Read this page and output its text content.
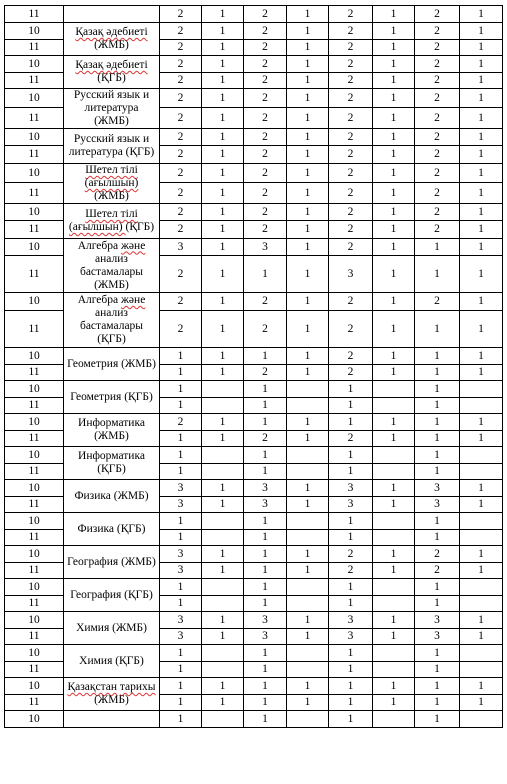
11		2	1	2	1	2	1	2	1
10	Қазақ әдебиеті (ЖМБ)	2	1	2	1	2	1	2	1
11		2	1	2	1	2	1	2	1
10	Қазақ әдебиеті (ҚГБ)	2	1	2	1	2	1	2	1
11		2	1	2	1	2	1	2	1
10	Русский язык и литература (ЖМБ)	2	1	2	1	2	1	2	1
11		2	1	2	1	2	1	2	1
10	Русский язык и литература (ҚГБ)	2	1	2	1	2	1	2	1
11		2	1	2	1	2	1	2	1
10	Шетел тілі (ағылшын) (ЖМБ)	2	1	2	1	2	1	2	1
11		2	1	2	1	2	1	2	1
10	Шетел тілі (ағылшын) (ҚГБ)	2	1	2	1	2	1	2	1
11		2	1	2	1	2	1	2	1
10	Алгебра және анализ бастамалары (ЖМБ)	3	1	3	1	2	1	1	1
11		2	1	1	1	3	1	1	1
10	Алгебра және анализ бастамалары (ҚГБ)	2	1	2	1	2	1	2	1
11		2	1	2	1	2	1	1	1
10	Геометрия (ЖМБ)	1	1	1	1	2	1	1	1
11		1	1	2	1	2	1	1	1
10	Геометрия (ҚГБ)	1		1		1		1	
11		1		1		1		1	
10	Информатика (ЖМБ)	2	1	1	1	1	1	1	1
11		1	1	2	1	2	1	1	1
10	Информатика (ҚГБ)	1		1		1		1	
11		1		1		1		1	
10	Физика (ЖМБ)	3	1	3	1	3	1	3	1
11		3	1	3	1	3	1	3	1
10	Физика (ҚГБ)	1		1		1		1	
11		1		1		1		1	
10	География (ЖМБ)	3	1	1	1	2	1	2	1
11		3	1	1	1	2	1	2	1
10	География (ҚГБ)	1		1		1		1	
11		1		1		1		1	
10	Химия (ЖМБ)	3	1	3	1	3	1	3	1
11		3	1	3	1	3	1	3	1
10	Химия (ҚГБ)	1		1		1		1	
11		1		1		1		1	
10	Қазақстан тарихы (ЖМБ)	1	1	1	1	1	1	1	1
11		1	1	1	1	1	1	1	1
10		1		1		1		1	
